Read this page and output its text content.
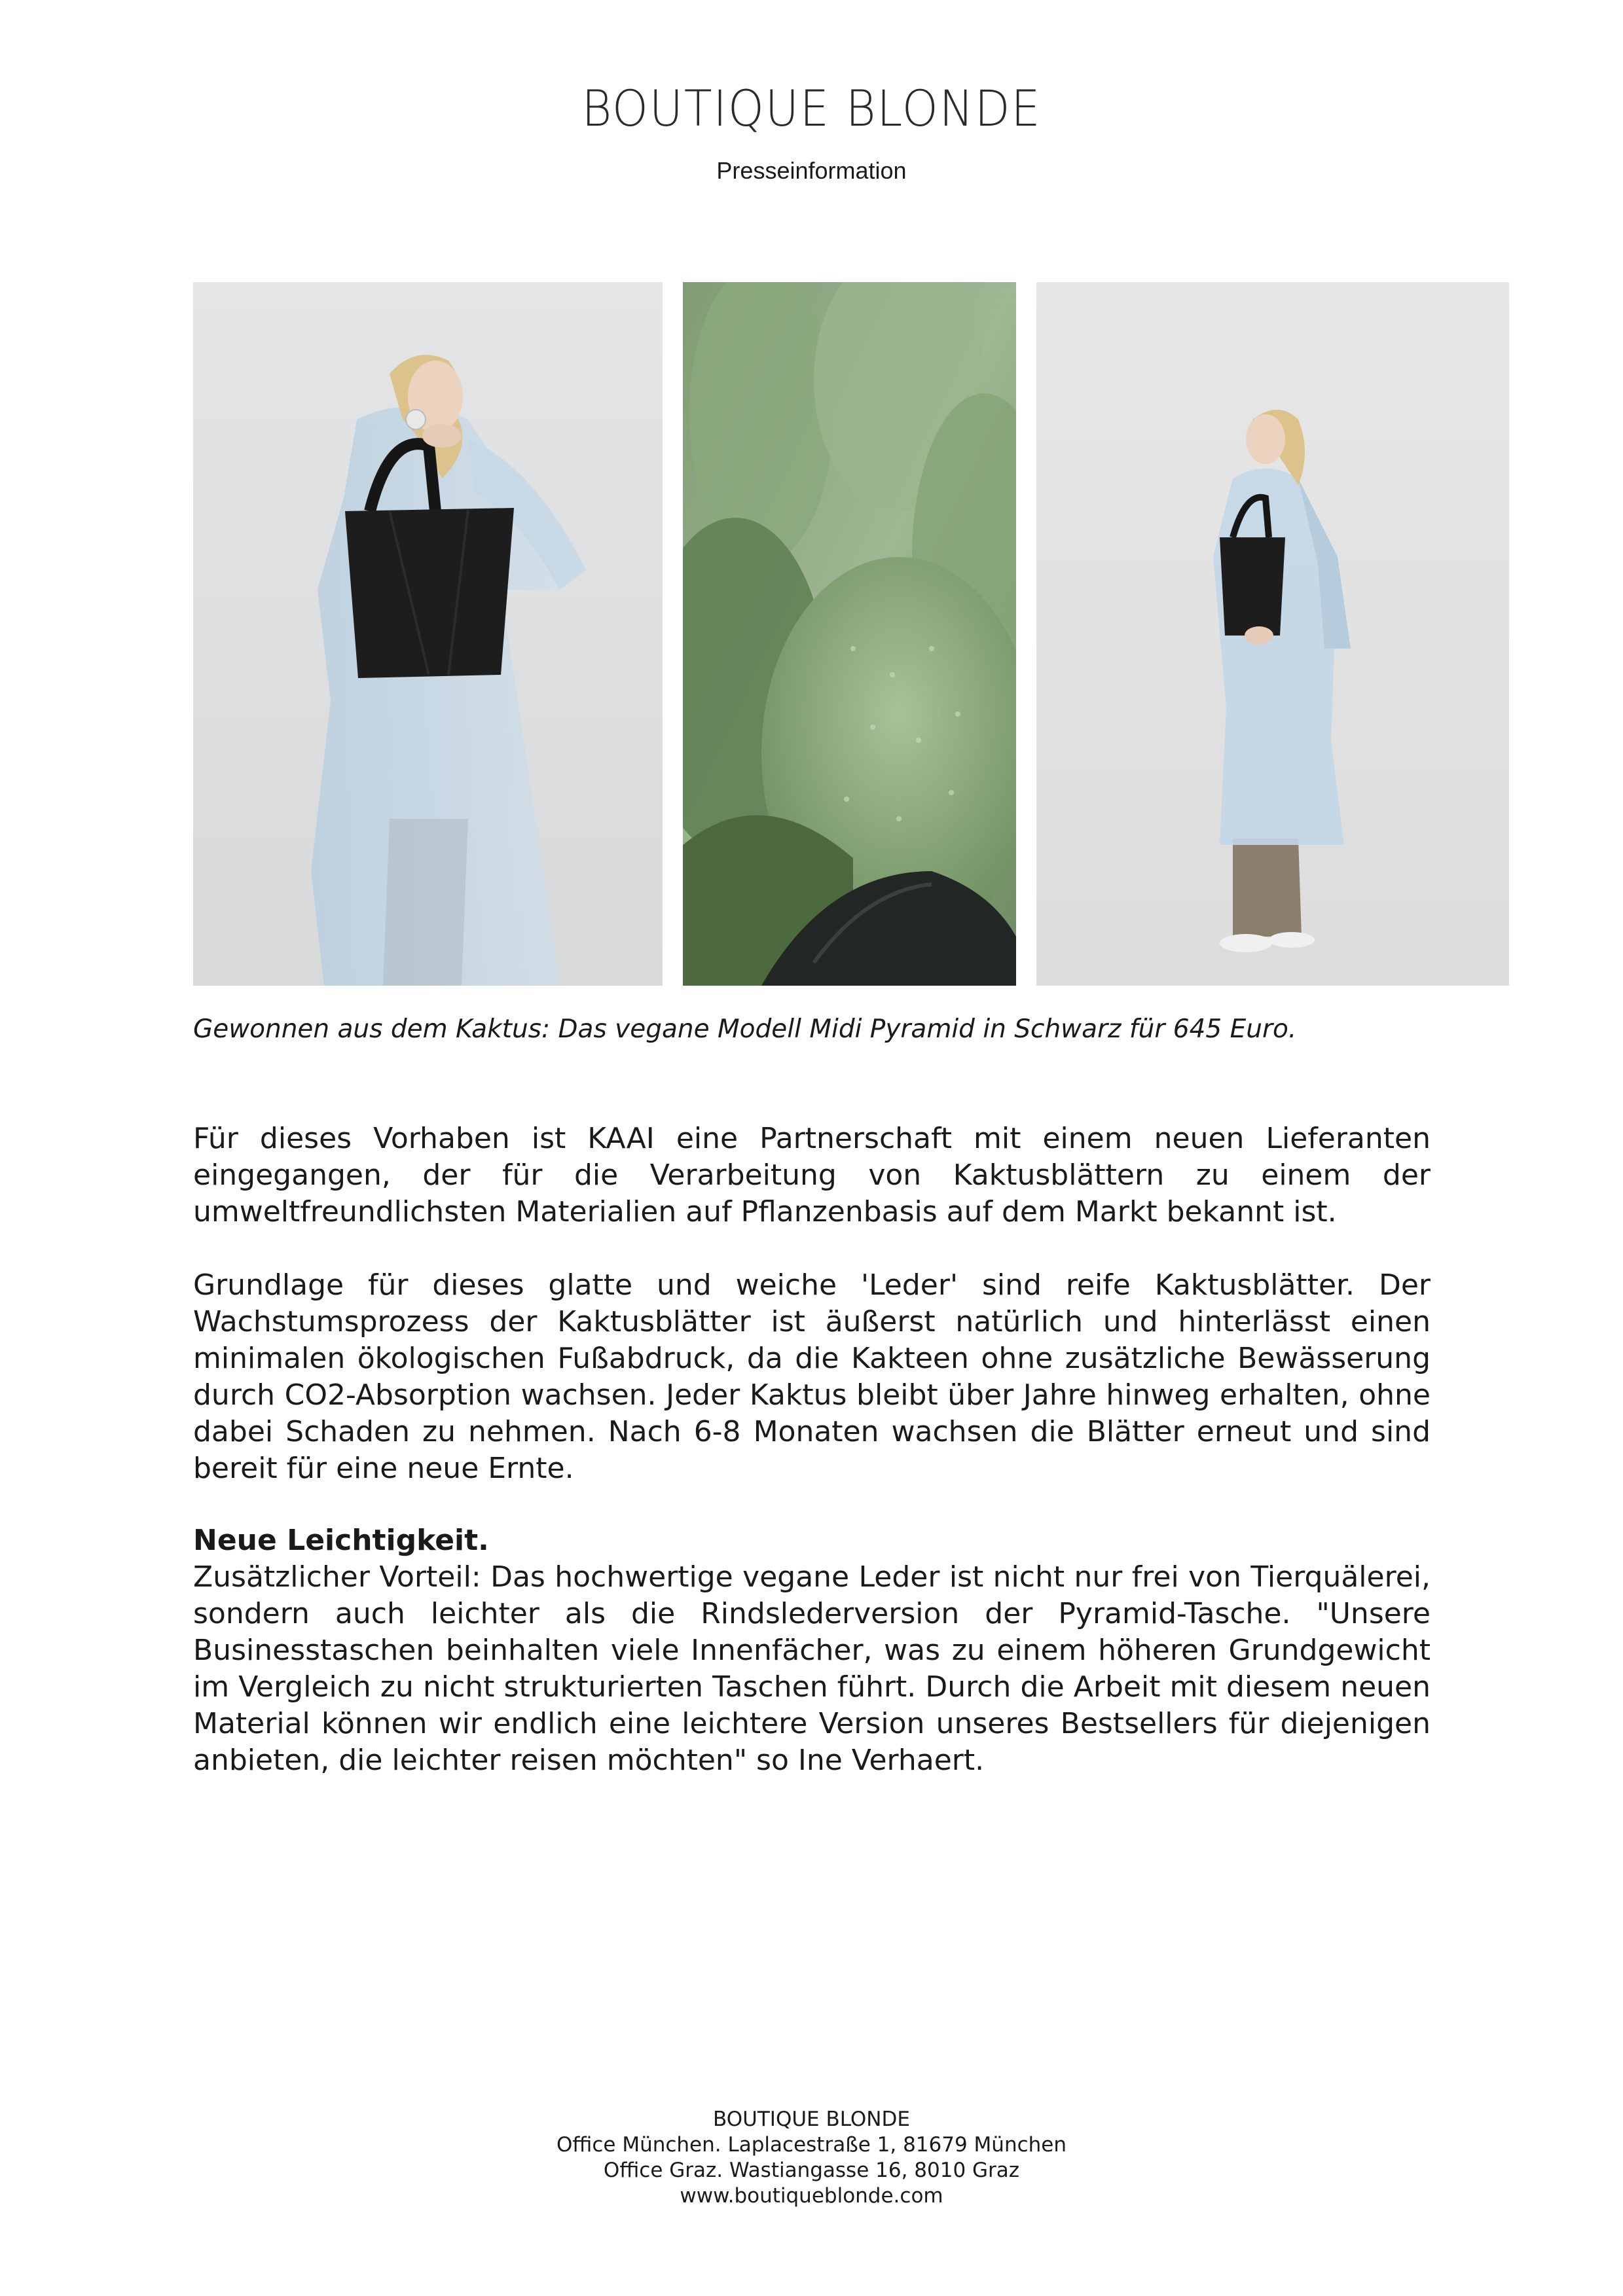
BOUTIQUE BLONDE
Presseinformation
Gewonnen aus dem Kaktus: Das vegane Modell Midi Pyramid in Schwarz für 645 Euro.

Für dieses Vorhaben ist KAAI eine Partnerschaft mit einem neuen Lieferanten eingegangen, der für die Verarbeitung von Kaktusblättern zu einem der umweltfreundlichsten Materialien auf Pflanzenbasis auf dem Markt bekannt ist.

Grundlage für dieses glatte und weiche 'Leder' sind reife Kaktusblätter. Der Wachstumsprozess der Kaktusblätter ist äußerst natürlich und hinterlässt einen minimalen ökologischen Fußabdruck, da die Kakteen ohne zusätzliche Bewässerung durch CO2-Absorption wachsen. Jeder Kaktus bleibt über Jahre hinweg erhalten, ohne dabei Schaden zu nehmen. Nach 6-8 Monaten wachsen die Blätter erneut und sind bereit für eine neue Ernte.

Neue Leichtigkeit.

Zusätzlicher Vorteil: Das hochwertige vegane Leder ist nicht nur frei von Tierquälerei, sondern auch leichter als die Rindslederversion der Pyramid-Tasche. "Unsere Businesstaschen beinhalten viele Innenfächer, was zu einem höheren Grundgewicht im Vergleich zu nicht strukturierten Taschen führt. Durch die Arbeit mit diesem neuen Material können wir endlich eine leichtere Version unseres Bestsellers für diejenigen anbieten, die leichter reisen möchten" so Ine Verhaert.

BOUTIQUE BLONDE
Office München. Laplacestraße 1, 81679 München
Office Graz. Wastiangasse 16, 8010 Graz
www.boutiqueblonde.com
